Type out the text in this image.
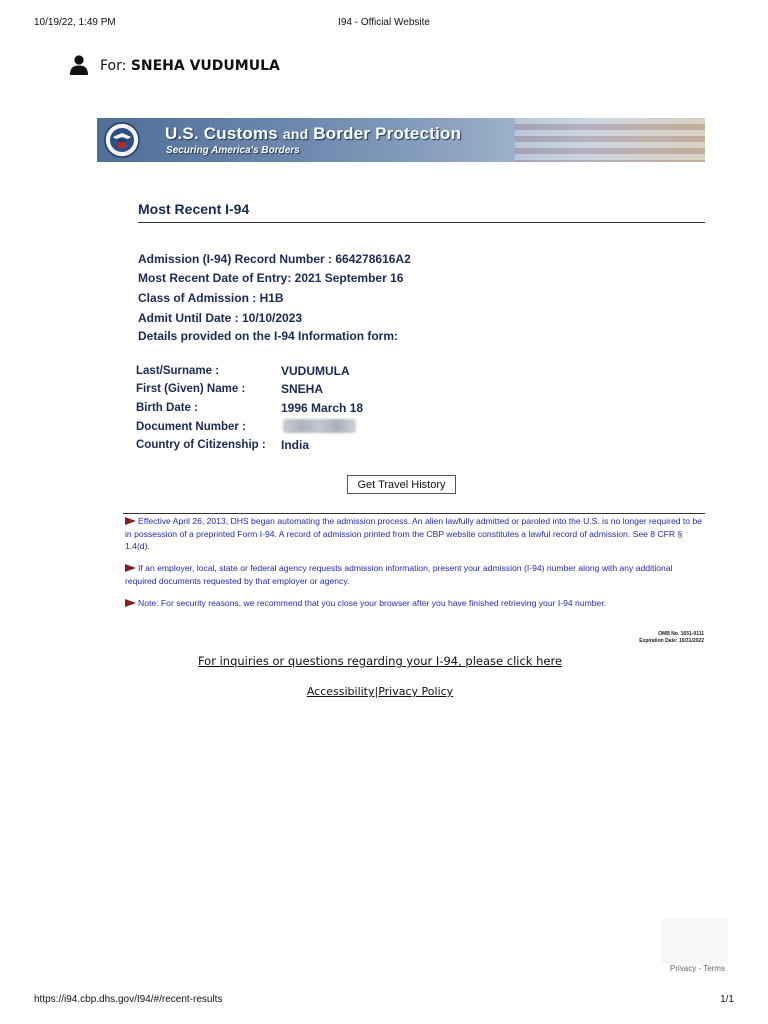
10/19/22, 1:49 PM	I94 - Official Website
For: SNEHA VUDUMULA
U.S. Customs and Border Protection
Securing America's Borders
Most Recent I-94
Admission (I-94) Record Number : 664278616A2
Most Recent Date of Entry: 2021 September 16
Class of Admission : H1B
Admit Until Date : 10/10/2023
Details provided on the I-94 Information form:
Last/Surname :	VUDUMULA
First (Given) Name :	SNEHA
Birth Date :	1996 March 18
Document Number :
Country of Citizenship : India
Get Travel History
Effective April 26, 2013, DHS began automating the admission process. An alien lawfully admitted or paroled into the U.S. is no longer required to be in possession of a preprinted Form I-94. A record of admission printed from the CBP website constitutes a lawful record of admission. See 8 CFR § 1.4(d).
If an employer, local, state or federal agency requests admission information, present your admission (I-94) number along with any additional required documents requested by that employer or agency.
Note: For security reasons, we recommend that you close your browser after you have finished retrieving your I-94 number.
OMB No. 1651-0111
Expiration Date: 10/31/2022
For inquiries or questions regarding your I-94, please click here
Accessibility|Privacy Policy
Privacy - Terms
https://i94.cbp.dhs.gov/I94/#/recent-results	1/1
